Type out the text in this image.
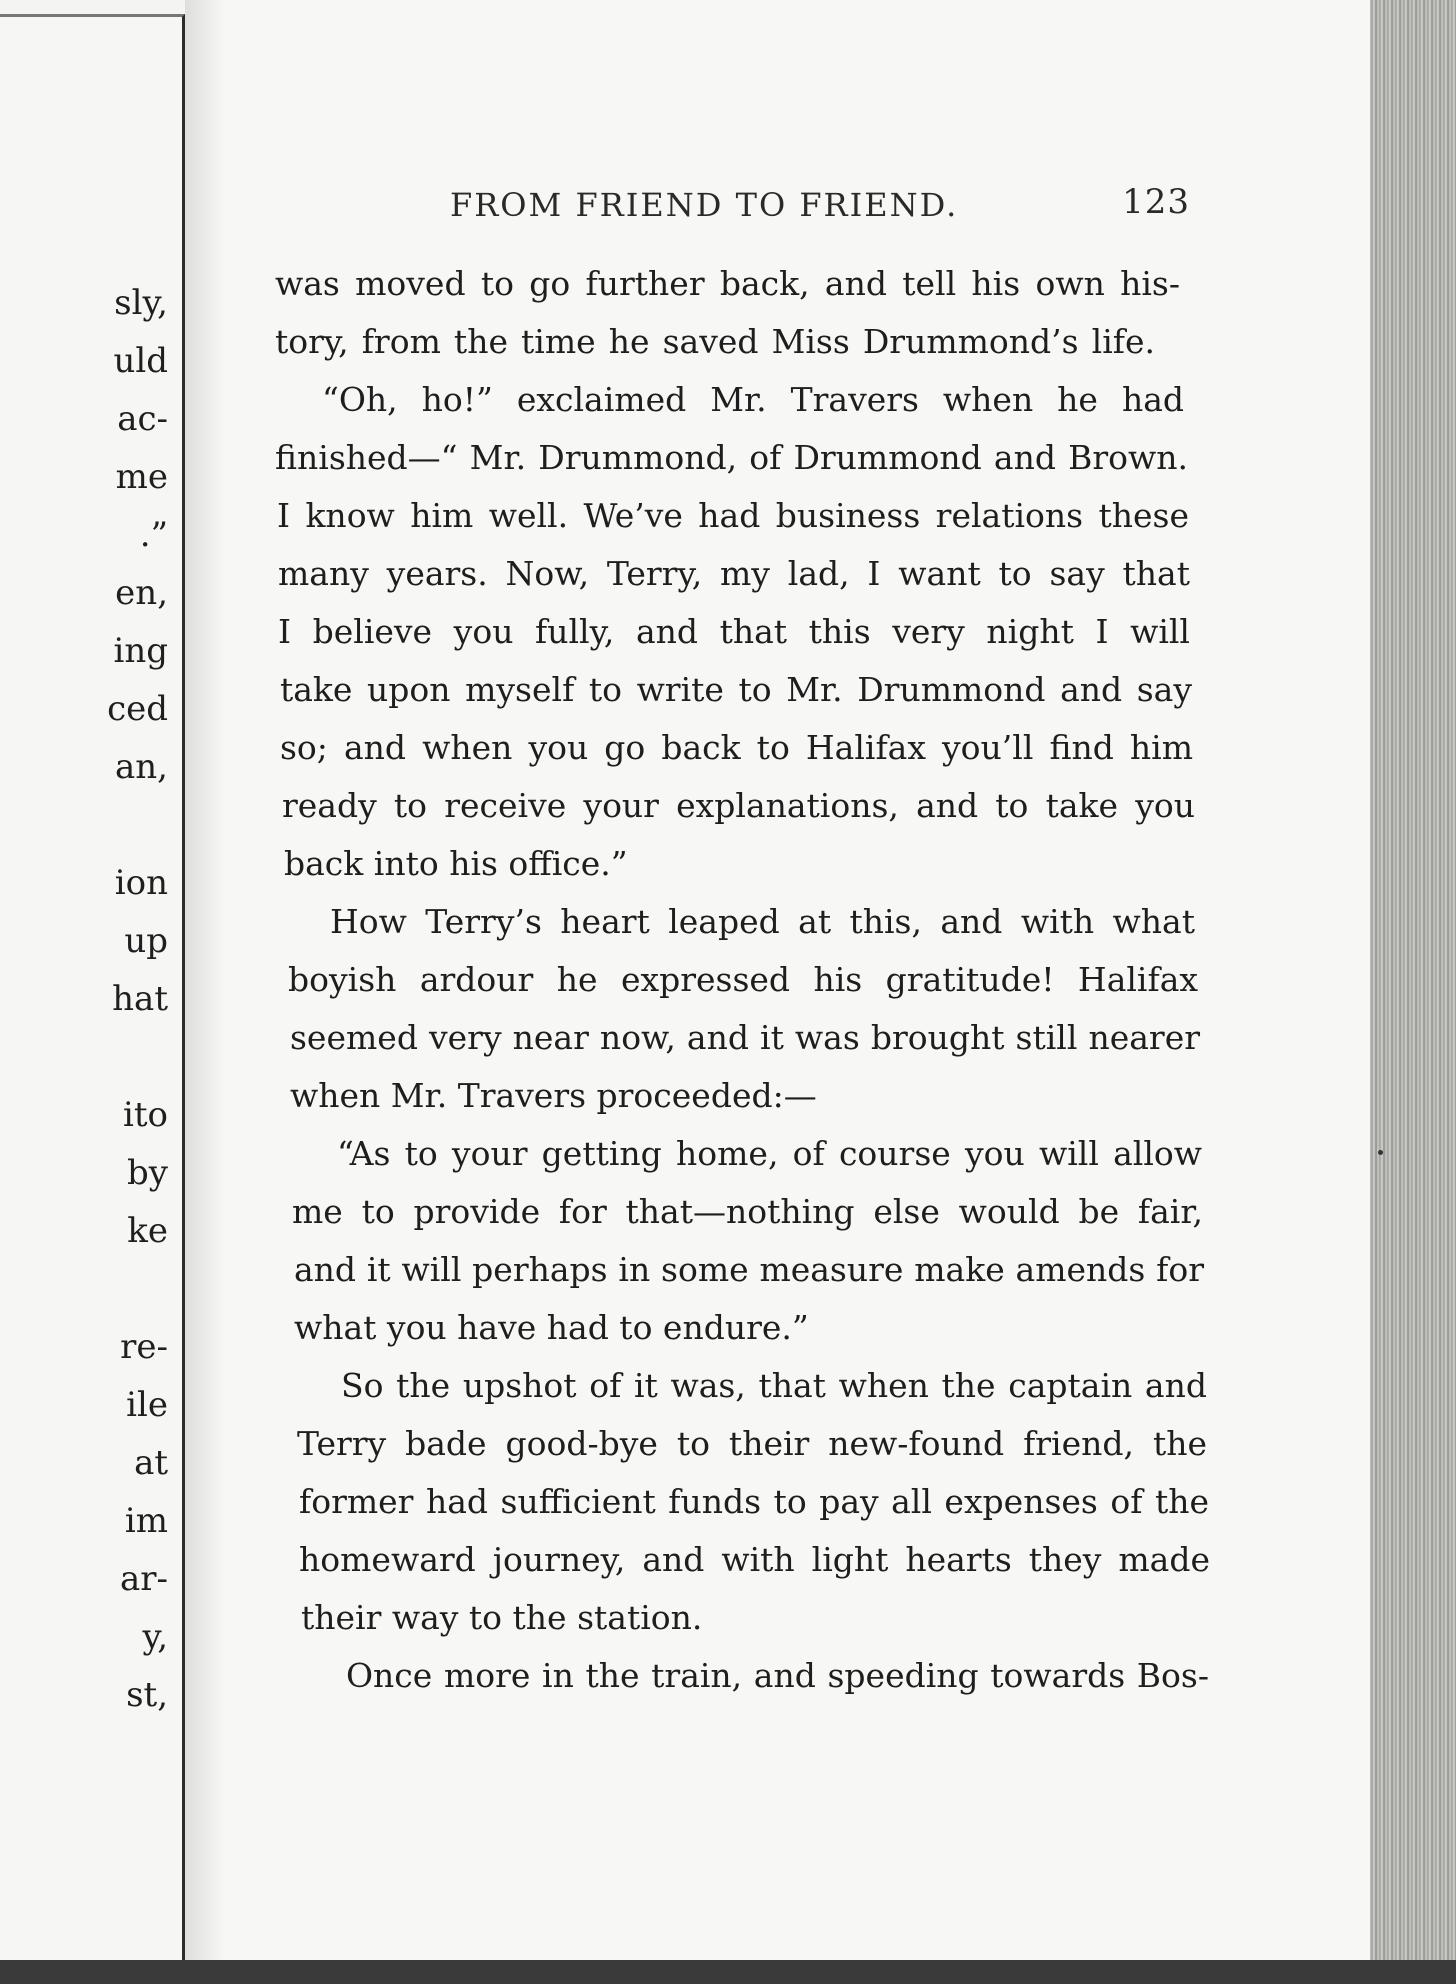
sly,
uld
ac-
me
.”
en,
ing
ced
an,
ion
up
hat
ito
by
ke
re-
ile
at
im
ar-
y,
st,
FROM FRIEND TO FRIEND.	123

was moved to go further back, and tell his own his-

tory, from the time he saved Miss Drummond’s life.

“Oh, ho!” exclaimed Mr. Travers when he had

finished—“ Mr. Drummond, of Drummond and Brown.

I know him well. We’ve had business relations these

many years. Now, Terry, my lad, I want to say that

I believe you fully, and that this very night I will

take upon myself to write to Mr. Drummond and say

so; and when you go back to Halifax you’ll find him

ready to receive your explanations, and to take you

back into his office.”

How Terry’s heart leaped at this, and with what

boyish ardour he expressed his gratitude! Halifax

seemed very near now, and it was brought still nearer

when Mr. Travers proceeded:—

“As to your getting home, of course you will allow

me to provide for that—nothing else would be fair,

and it will perhaps in some measure make amends for

what you have had to endure.”

So the upshot of it was, that when the captain and

Terry bade good-bye to their new-found friend, the

former had sufficient funds to pay all expenses of the

homeward journey, and with light hearts they made

their way to the station.

Once more in the train, and speeding towards Bos-
